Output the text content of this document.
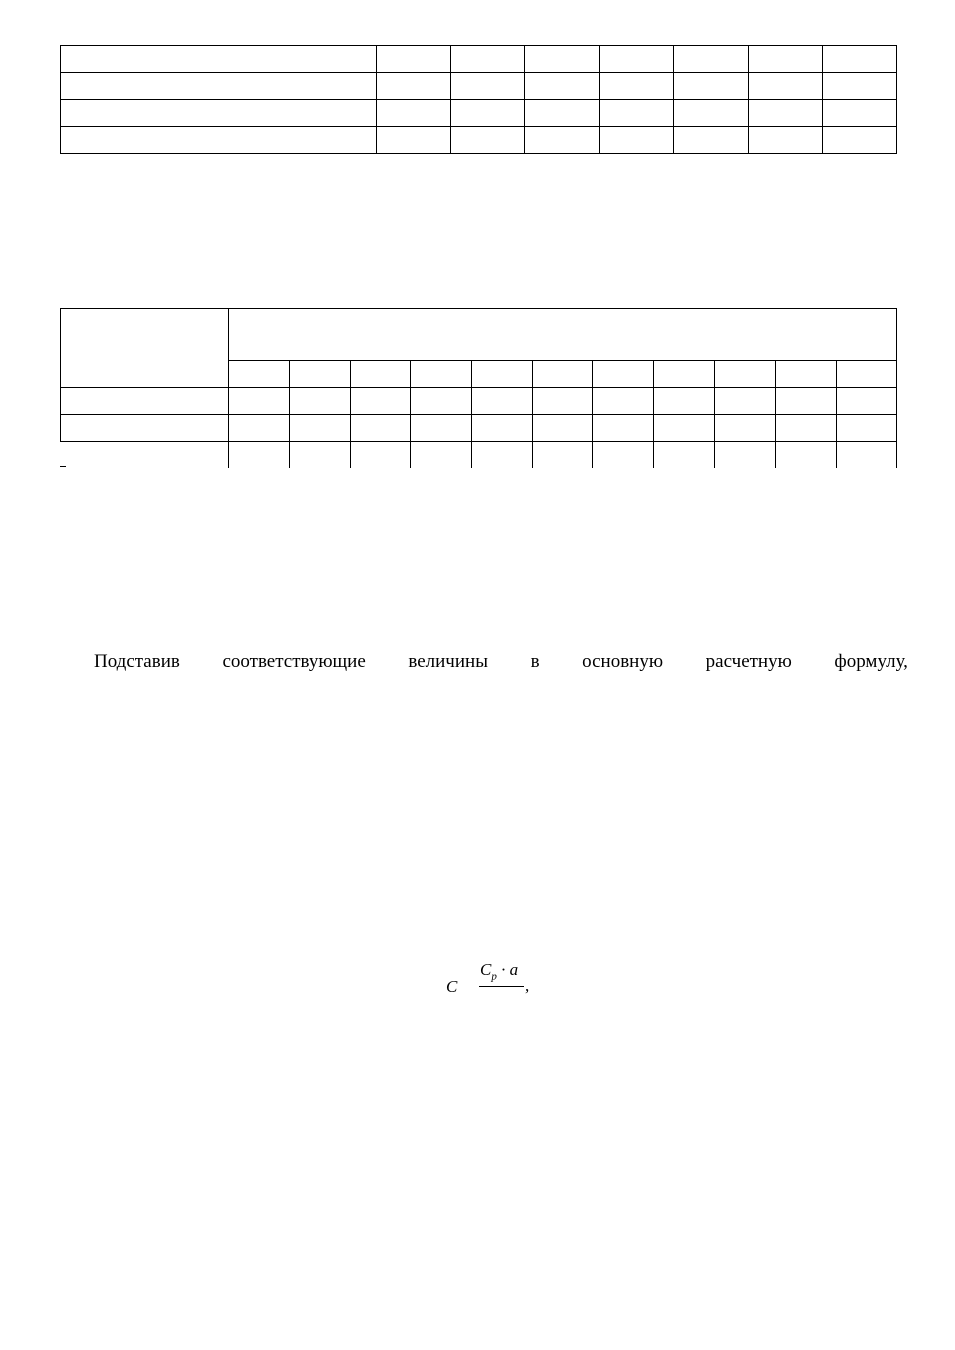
Подставив соответствующие величины в основную расчетную формулу,
C
$C_p \cdot a$
,
